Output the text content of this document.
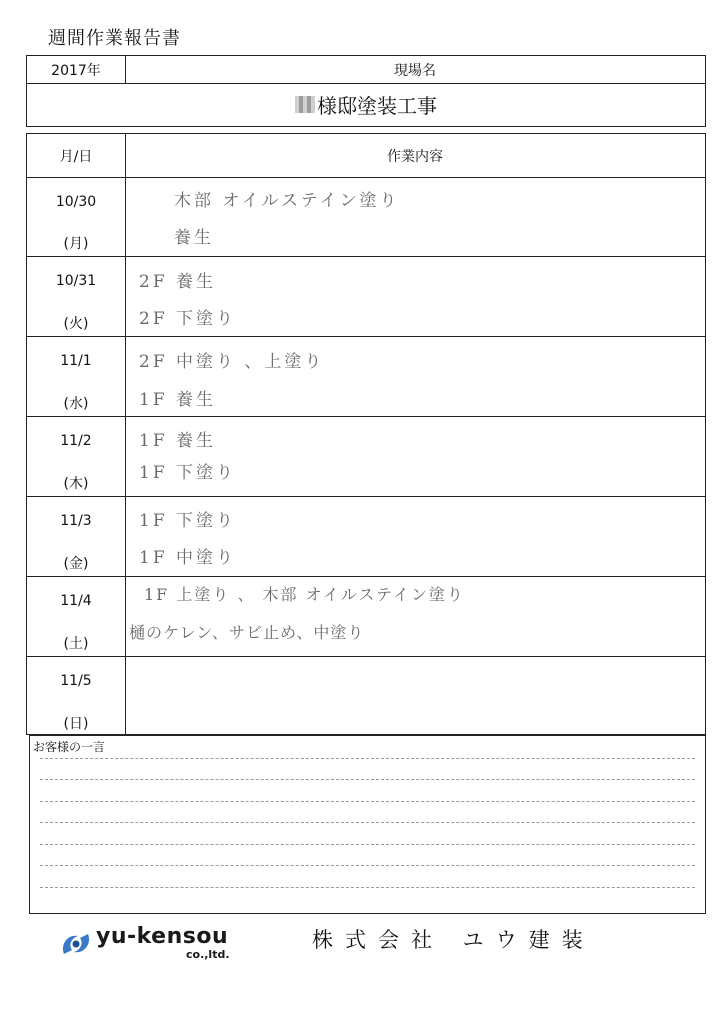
週間作業報告書
2017年	現場名
様邸塗装工事
月/日	作業内容
10/30
(月)
木部 オイルステイン塗り
養生
10/31
(火)
2F 養生
2F 下塗り
11/1
(水)
2F 中塗り 、上塗り
1F 養生
11/2
(木)
1F 養生
1F 下塗り
11/3
(金)
1F 下塗り
1F 中塗り
11/4
(土)
1F 上塗り 、 木部 オイルステイン塗り
樋のケレン、サビ止め、中塗り
11/5
(日)
お客様の一言
yu-kensou
co.,ltd.
株式会社 ユウ建装
